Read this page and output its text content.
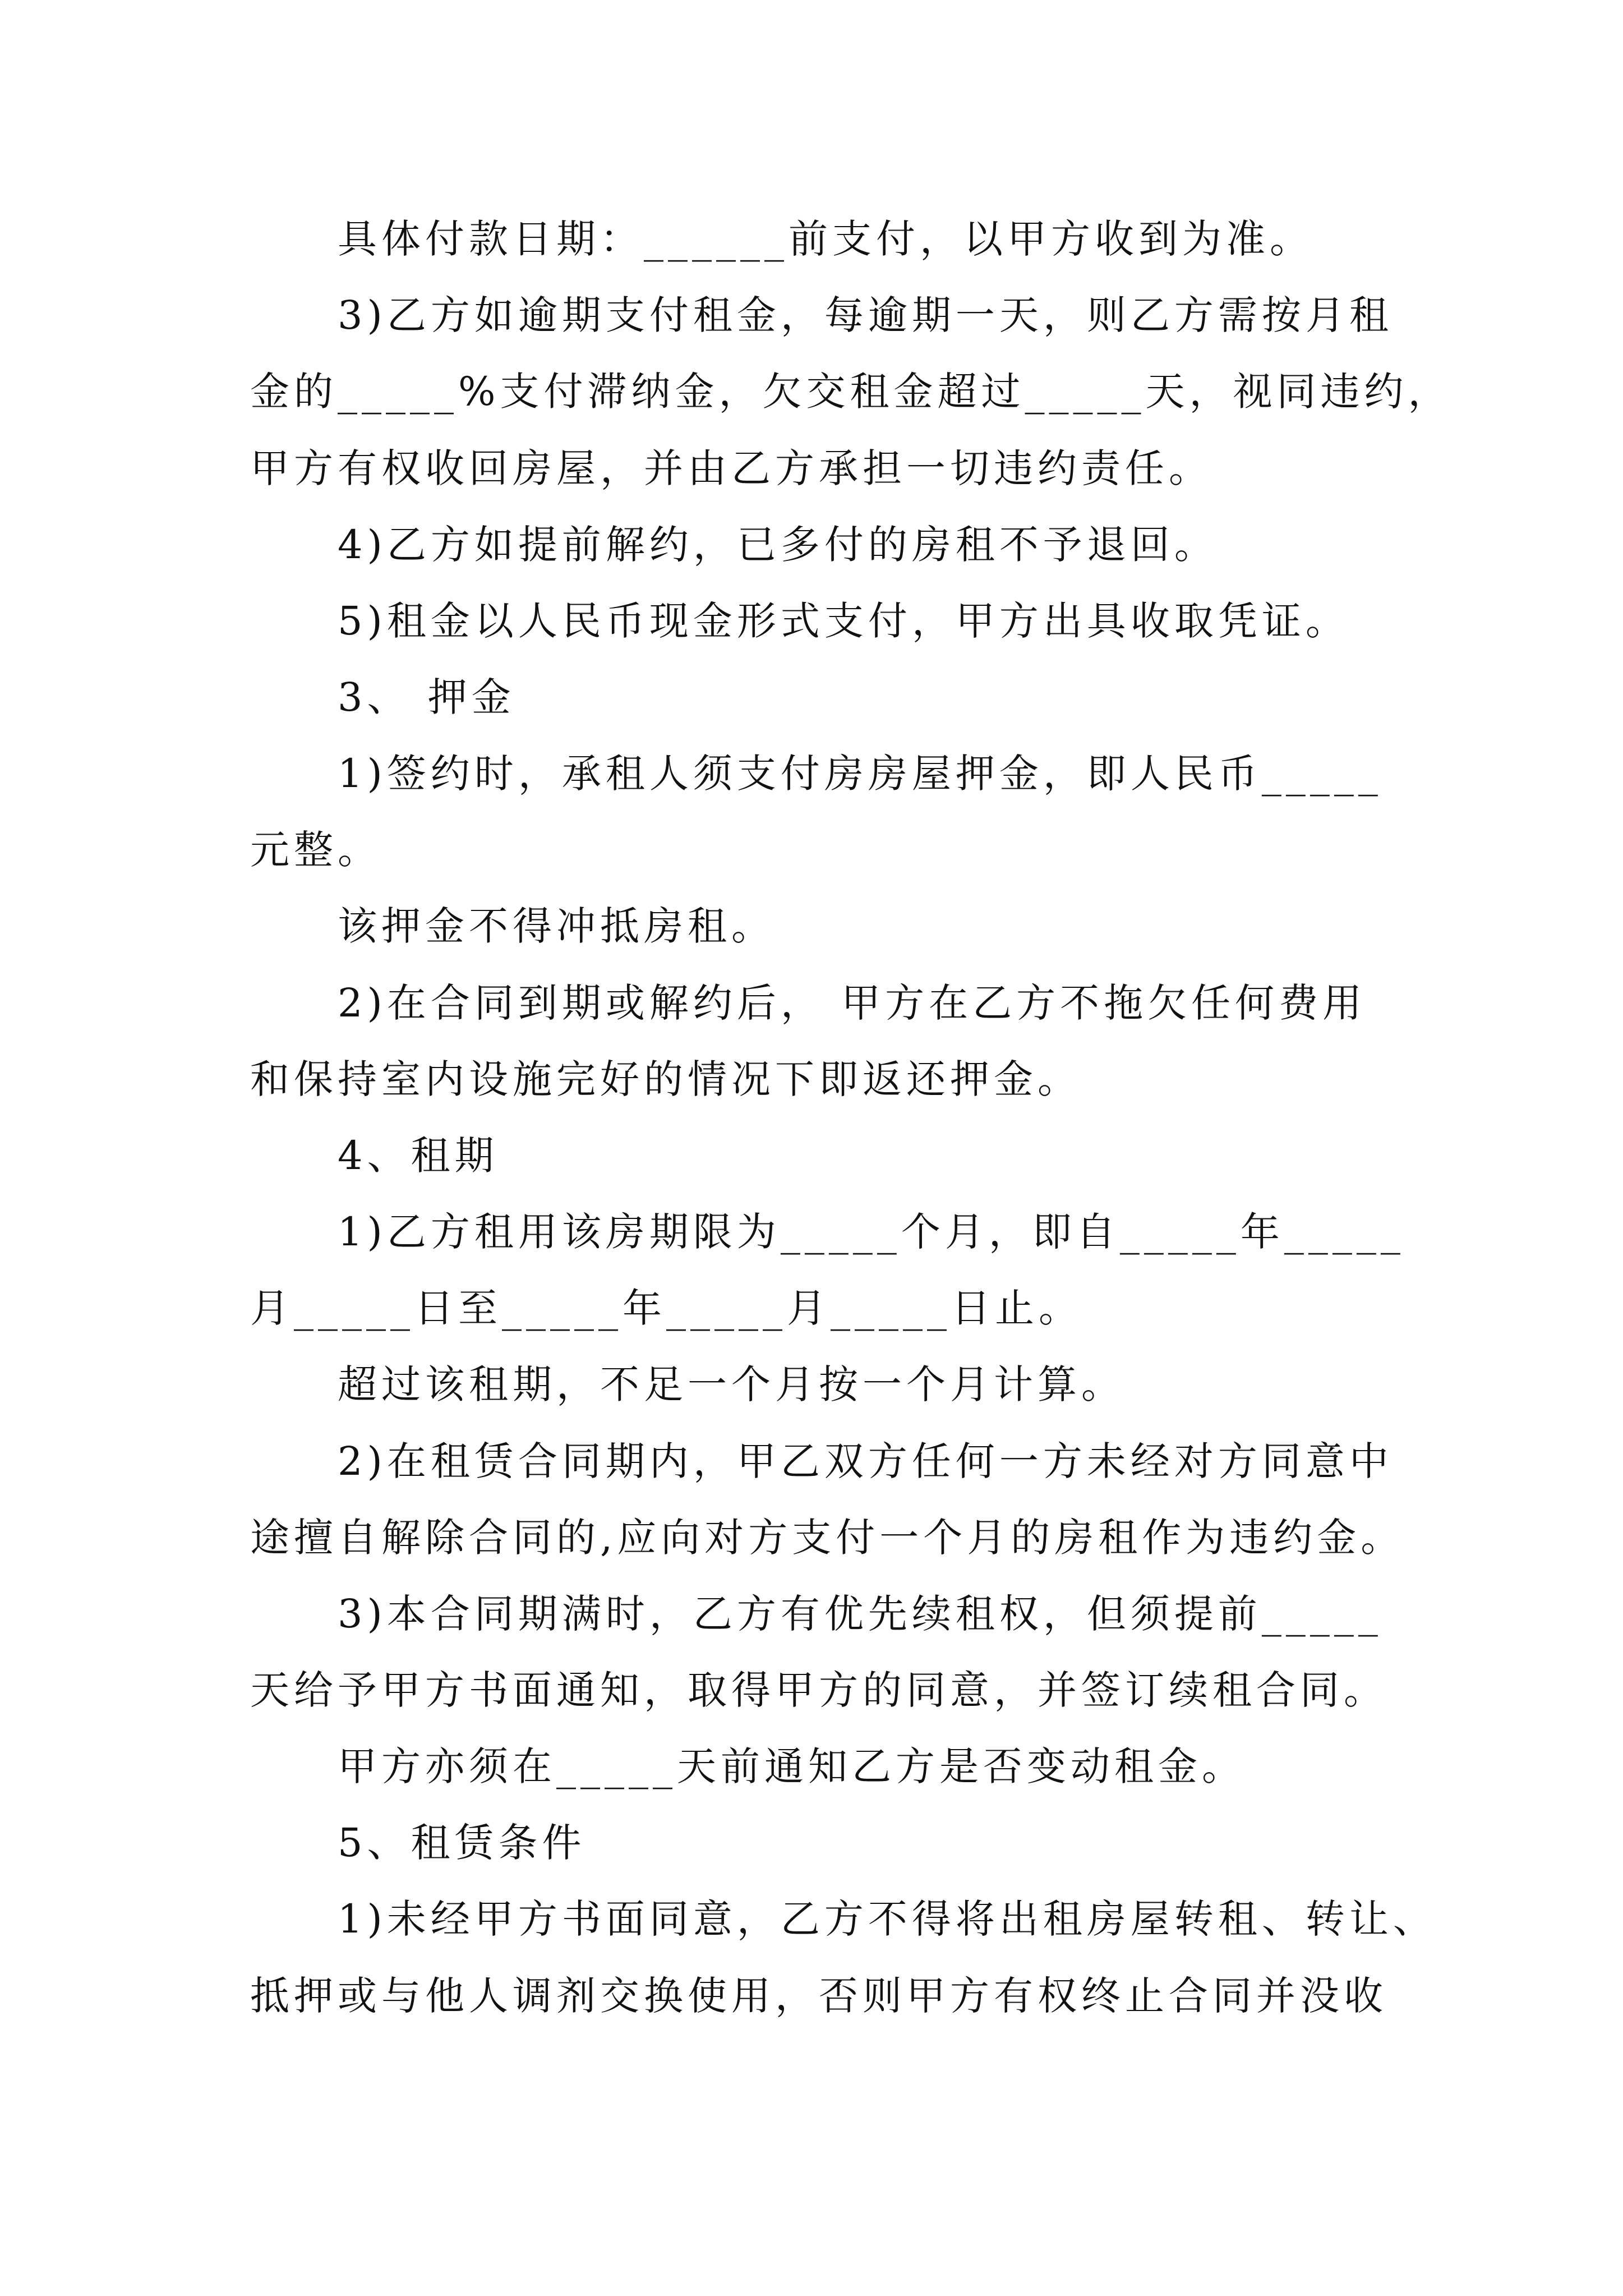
具体付款日期：______前支付，以甲方收到为准。
3)乙方如逾期支付租金，每逾期一天，则乙方需按月租
金的_____%支付滞纳金，欠交租金超过_____天，视同违约，
甲方有权收回房屋，并由乙方承担一切违约责任。
4)乙方如提前解约，已多付的房租不予退回。
5)租金以人民币现金形式支付，甲方出具收取凭证。
3、 押金
1)签约时，承租人须支付房房屋押金，即人民币_____
元整。
该押金不得冲抵房租。
2)在合同到期或解约后， 甲方在乙方不拖欠任何费用
和保持室内设施完好的情况下即返还押金。
4、租期
1)乙方租用该房期限为_____个月，即自_____年_____
月_____日至_____年_____月_____日止。
超过该租期，不足一个月按一个月计算。
2)在租赁合同期内，甲乙双方任何一方未经对方同意中
途擅自解除合同的,应向对方支付一个月的房租作为违约金。
3)本合同期满时，乙方有优先续租权，但须提前_____
天给予甲方书面通知，取得甲方的同意，并签订续租合同。
甲方亦须在_____天前通知乙方是否变动租金。
5、租赁条件
1)未经甲方书面同意，乙方不得将出租房屋转租、转让、
抵押或与他人调剂交换使用，否则甲方有权终止合同并没收
